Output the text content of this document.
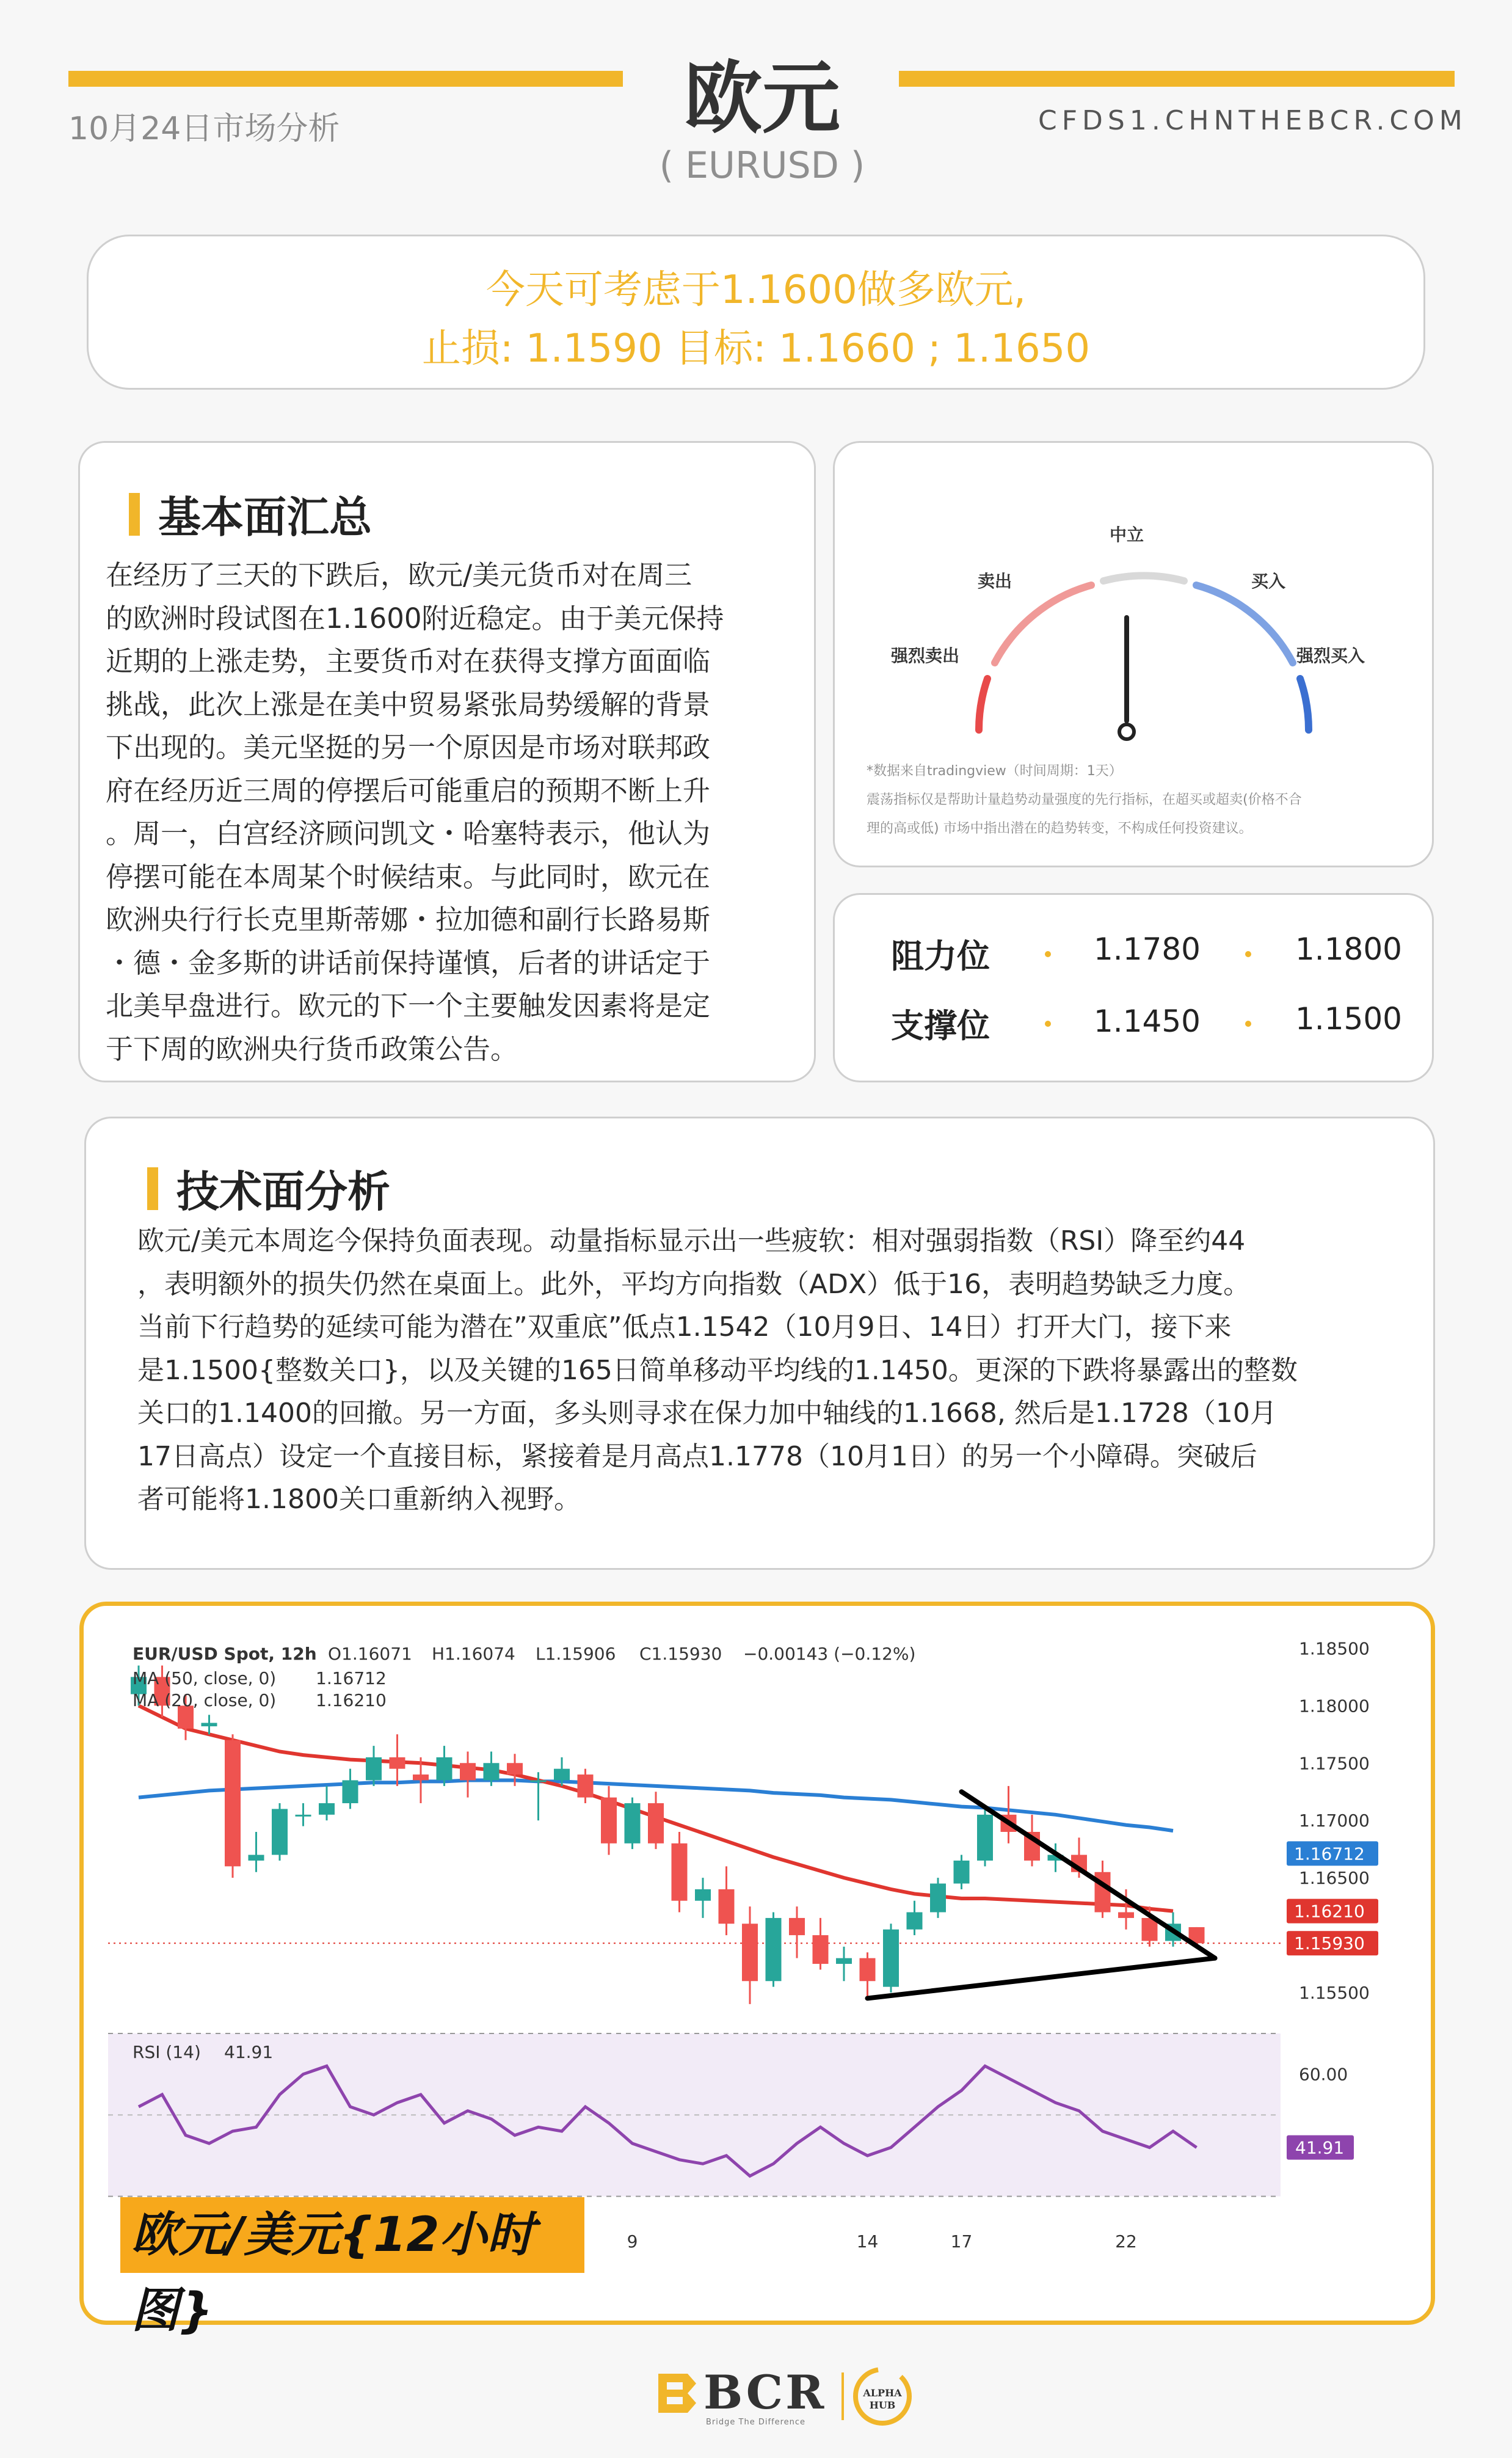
10月24日市场分析	欧元
( EURUSD )
CFDS1.CHNTHEBCR.COM
今天可考虑于1.1600做多欧元,
止损: 1.1590 目标: 1.1660 ; 1.1650
基本面汇总
在经历了三天的下跌后，欧元/美元货币对在周三
的欧洲时段试图在1.1600附近稳定。由于美元保持
近期的上涨走势，主要货币对在获得支撑方面面临
挑战，此次上涨是在美中贸易紧张局势缓解的背景
下出现的。美元坚挺的另一个原因是市场对联邦政
府在经历近三周的停摆后可能重启的预期不断上升
。周一，白宫经济顾问凯文・哈塞特表示，他认为
停摆可能在本周某个时候结束。与此同时，欧元在
欧洲央行行长克里斯蒂娜・拉加德和副行长路易斯
・德・金多斯的讲话前保持谨慎，后者的讲话定于
北美早盘进行。欧元的下一个主要触发因素将是定
于下周的欧洲央行货币政策公告。
中立
卖出	买入
强烈卖出	强烈买入
*数据来自tradingview（时间周期：1天）
震荡指标仅是帮助计量趋势动量强度的先行指标，在超买或超卖(价格不合
理的高或低) 市场中指出潜在的趋势转变，不构成任何投资建议。
阻力位	1.1780	1.1800
支撑位	1.1450	1.1500
技术面分析
欧元/美元本周迄今保持负面表现。动量指标显示出一些疲软：相对强弱指数（RSI）降至约44
，表明额外的损失仍然在桌面上。此外，平均方向指数（ADX）低于16，表明趋势缺乏力度。
当前下行趋势的延续可能为潜在”双重底”低点1.1542（10月9日、14日）打开大门，接下来
是1.1500{整数关口}，以及关键的165日简单移动平均线的1.1450。更深的下跌将暴露出的整数
关口的1.1400的回撤。另一方面，多头则寻求在保力加中轴线的1.1668, 然后是1.1728（10月
17日高点）设定一个直接目标，紧接着是月高点1.1778（10月1日）的另一个小障碍。突破后
者可能将1.1800关口重新纳入视野。
60.00
1.18500
1.18000
1.17500
1.17000
1.16500
1.15500
1.16712
1.16210
1.15930
41.91
9	14	17	22
EUR/USD Spot, 12h O1.16071 H1.16074 L1.15906 C1.15930 −0.00143 (−0.12%)
MA (50, close, 0) 1.16712
MA (20, close, 0) 1.16210
RSI (14) 41.91
欧元/美元{12小时图}
BCR
Bridge The Difference
ALPHA
HUB
